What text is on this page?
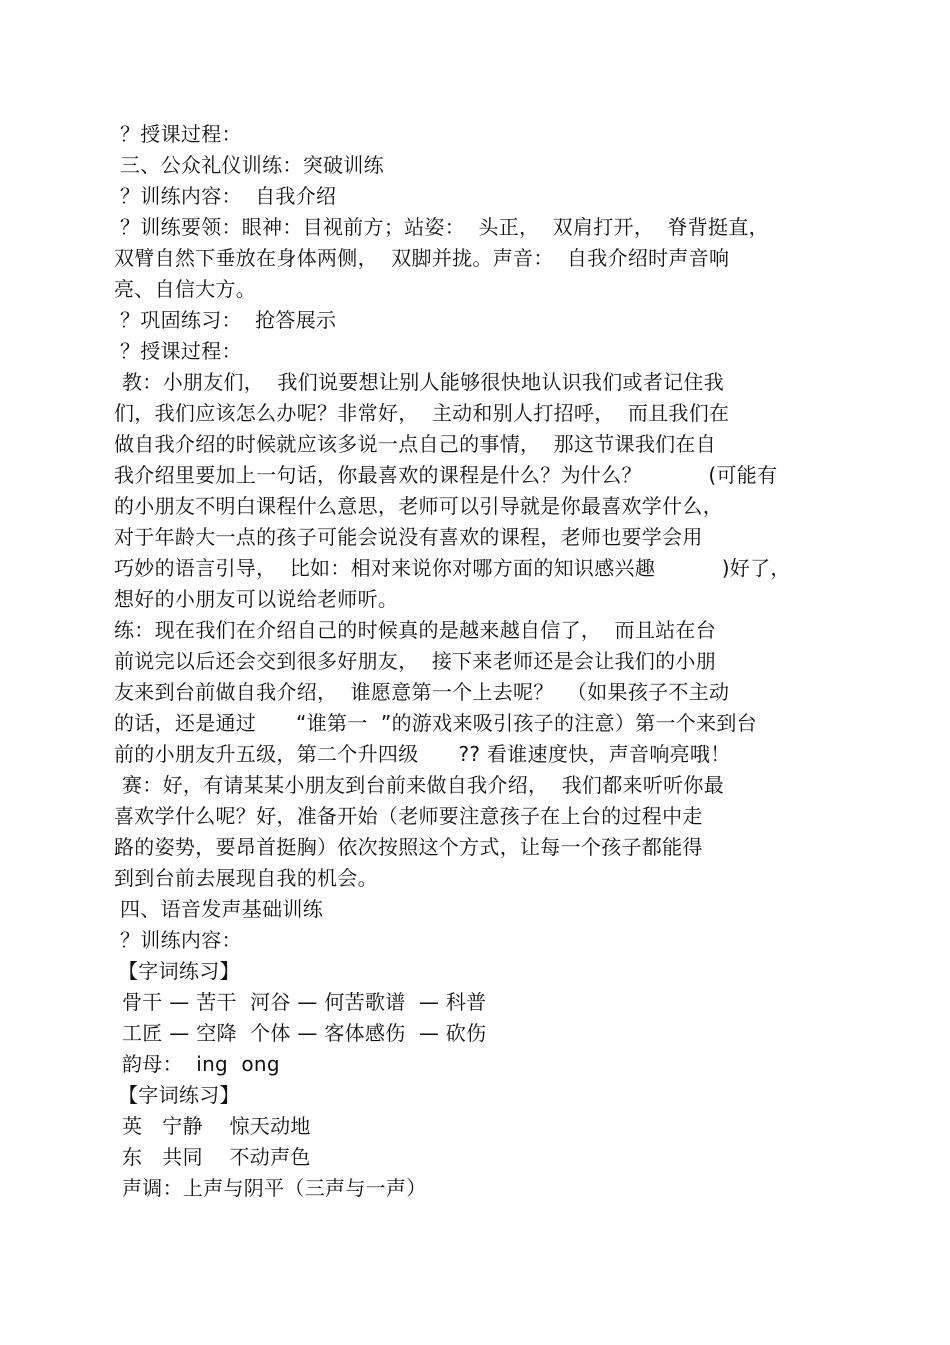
？授课过程：
三、公众礼仪训练：突破训练
？训练内容：  自我介绍
？训练要领：眼神：目视前方；站姿：  头正，  双肩打开，  脊背挺直，
双臂自然下垂放在身体两侧，  双脚并拢。声音：  自我介绍时声音响
亮、自信大方。
？巩固练习：  抢答展示
？授课过程：
教：小朋友们，  我们说要想让别人能够很快地认识我们或者记住我
们，我们应该怎么办呢？非常好，  主动和别人打招呼，  而且我们在
做自我介绍的时候就应该多说一点自己的事情，  那这节课我们在自
我介绍里要加上一句话，你最喜欢的课程是什么？为什么？          (可能有
的小朋友不明白课程什么意思，老师可以引导就是你最喜欢学什么，
对于年龄大一点的孩子可能会说没有喜欢的课程，老师也要学会用
巧妙的语言引导，  比如：相对来说你对哪方面的知识感兴趣          )好了，
想好的小朋友可以说给老师听。
练：现在我们在介绍自己的时候真的是越来越自信了，  而且站在台
前说完以后还会交到很多好朋友，  接下来老师还是会让我们的小朋
友来到台前做自我介绍，  谁愿意第一个上去呢？  （如果孩子不主动
的话，还是通过      “谁第一  ”的游戏来吸引孩子的注意）第一个来到台
前的小朋友升五级，第二个升四级      ?? 看谁速度快，声音响亮哦！
赛：好，有请某某小朋友到台前来做自我介绍，  我们都来听听你最
喜欢学什么呢？好，准备开始（老师要注意孩子在上台的过程中走
路的姿势，要昂首挺胸）依次按照这个方式，让每一个孩子都能得
到到台前去展现自我的机会。
四、语音发声基础训练
？训练内容：
【字词练习】
骨干 — 苦干  河谷 — 何苦歌谱  — 科普
工匠 — 空降  个体 — 客体感伤  — 砍伤
韵母：  ing  ong
【字词练习】
英   宁静    惊天动地
东   共同    不动声色
声调：上声与阴平（三声与一声）
